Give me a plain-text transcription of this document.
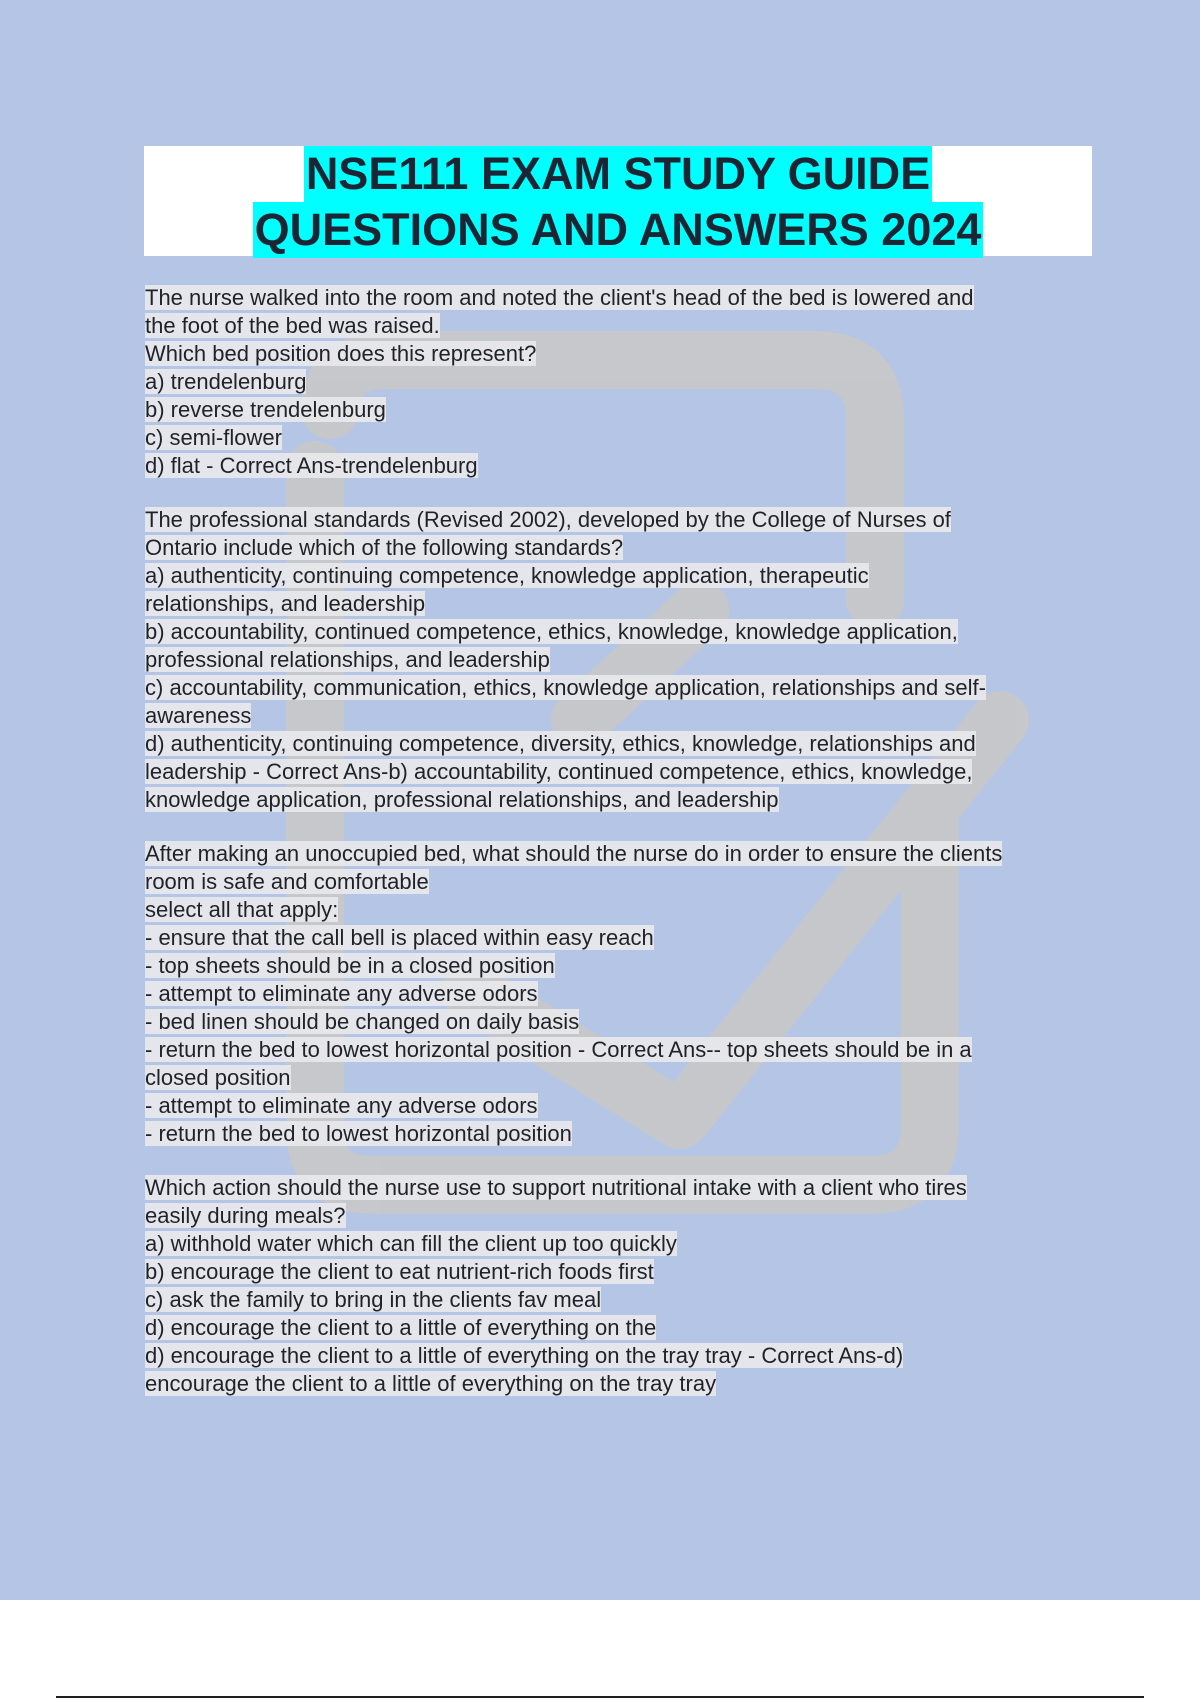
NSE111 EXAM STUDY GUIDE
QUESTIONS AND ANSWERS 2024
The nurse walked into the room and noted the client's head of the bed is lowered and
the foot of the bed was raised.
Which bed position does this represent?
a) trendelenburg
b) reverse trendelenburg
c) semi-flower
d) flat - Correct Ans-trendelenburg
The professional standards (Revised 2002), developed by the College of Nurses of
Ontario include which of the following standards?
a) authenticity, continuing competence, knowledge application, therapeutic
relationships, and leadership
b) accountability, continued competence, ethics, knowledge, knowledge application,
professional relationships, and leadership
c) accountability, communication, ethics, knowledge application, relationships and self-
awareness
d) authenticity, continuing competence, diversity, ethics, knowledge, relationships and
leadership - Correct Ans-b) accountability, continued competence, ethics, knowledge,
knowledge application, professional relationships, and leadership
After making an unoccupied bed, what should the nurse do in order to ensure the clients
room is safe and comfortable
select all that apply:
- ensure that the call bell is placed within easy reach
- top sheets should be in a closed position
- attempt to eliminate any adverse odors
- bed linen should be changed on daily basis
- return the bed to lowest horizontal position - Correct Ans-- top sheets should be in a
closed position
- attempt to eliminate any adverse odors
- return the bed to lowest horizontal position
Which action should the nurse use to support nutritional intake with a client who tires
easily during meals?
a) withhold water which can fill the client up too quickly
b) encourage the client to eat nutrient-rich foods first
c) ask the family to bring in the clients fav meal
d) encourage the client to a little of everything on the
d) encourage the client to a little of everything on the tray tray - Correct Ans-d)
encourage the client to a little of everything on the tray tray
